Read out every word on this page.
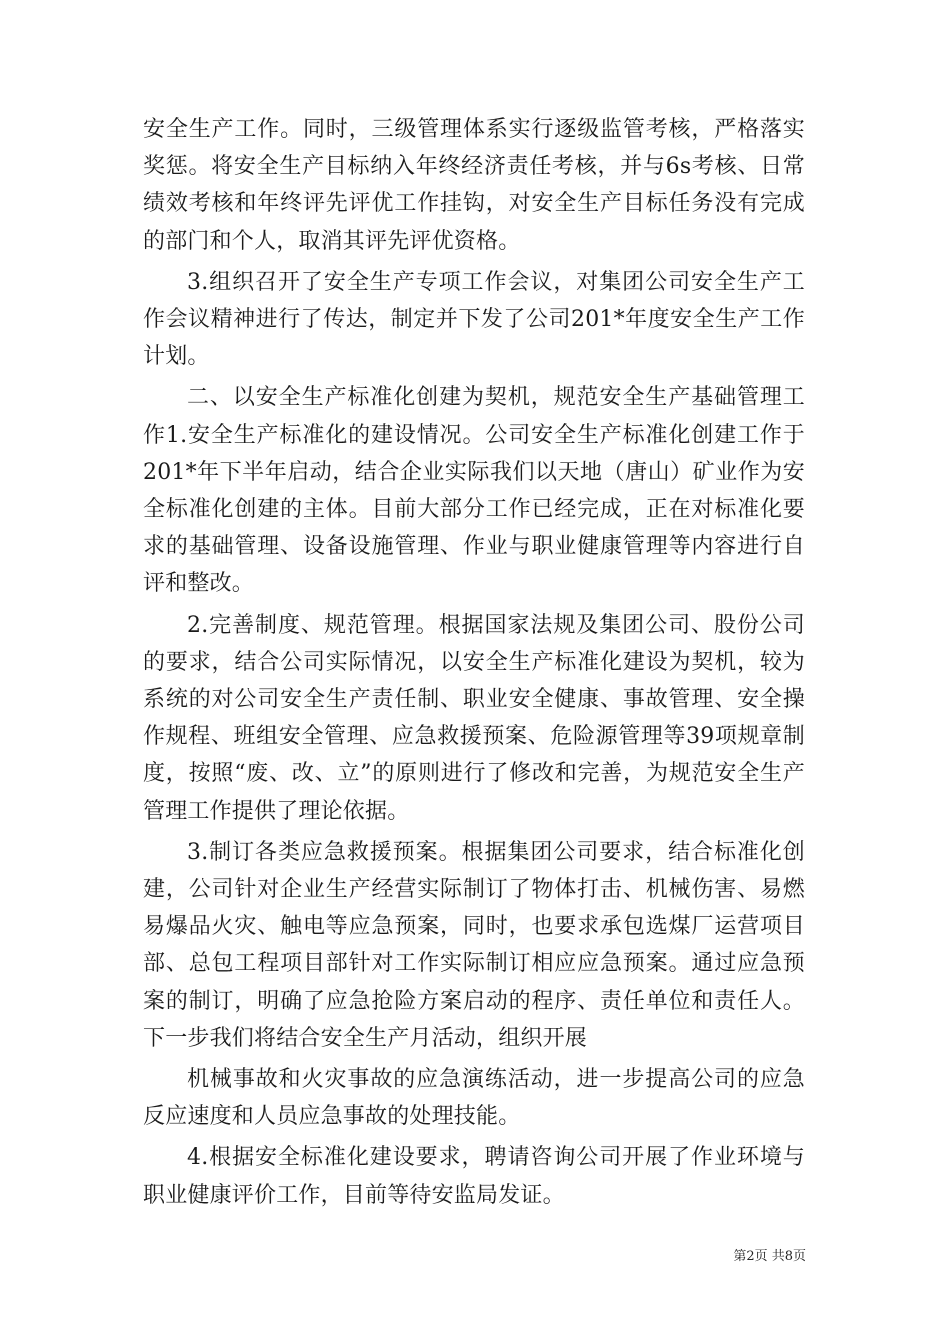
安全生产工作。同时，三级管理体系实行逐级监管考核，严格落实奖惩。将安全生产目标纳入年终经济责任考核，并与6s考核、日常绩效考核和年终评先评优工作挂钩，对安全生产目标任务没有完成的部门和个人，取消其评先评优资格。

3.组织召开了安全生产专项工作会议，对集团公司安全生产工作会议精神进行了传达，制定并下发了公司201*年度安全生产工作计划。

二、以安全生产标准化创建为契机，规范安全生产基础管理工作1.安全生产标准化的建设情况。公司安全生产标准化创建工作于201*年下半年启动，结合企业实际我们以天地（唐山）矿业作为安全标准化创建的主体。目前大部分工作已经完成，正在对标准化要求的基础管理、设备设施管理、作业与职业健康管理等内容进行自评和整改。

2.完善制度、规范管理。根据国家法规及集团公司、股份公司的要求，结合公司实际情况，以安全生产标准化建设为契机，较为系统的对公司安全生产责任制、职业安全健康、事故管理、安全操作规程、班组安全管理、应急救援预案、危险源管理等39项规章制度，按照“废、改、立”的原则进行了修改和完善，为规范安全生产管理工作提供了理论依据。

3.制订各类应急救援预案。根据集团公司要求，结合标准化创建，公司针对企业生产经营实际制订了物体打击、机械伤害、易燃易爆品火灾、触电等应急预案，同时，也要求承包选煤厂运营项目部、总包工程项目部针对工作实际制订相应应急预案。通过应急预案的制订，明确了应急抢险方案启动的程序、责任单位和责任人。下一步我们将结合安全生产月活动，组织开展

机械事故和火灾事故的应急演练活动，进一步提高公司的应急反应速度和人员应急事故的处理技能。

4.根据安全标准化建设要求，聘请咨询公司开展了作业环境与职业健康评价工作，目前等待安监局发证。

第2页 共8页
